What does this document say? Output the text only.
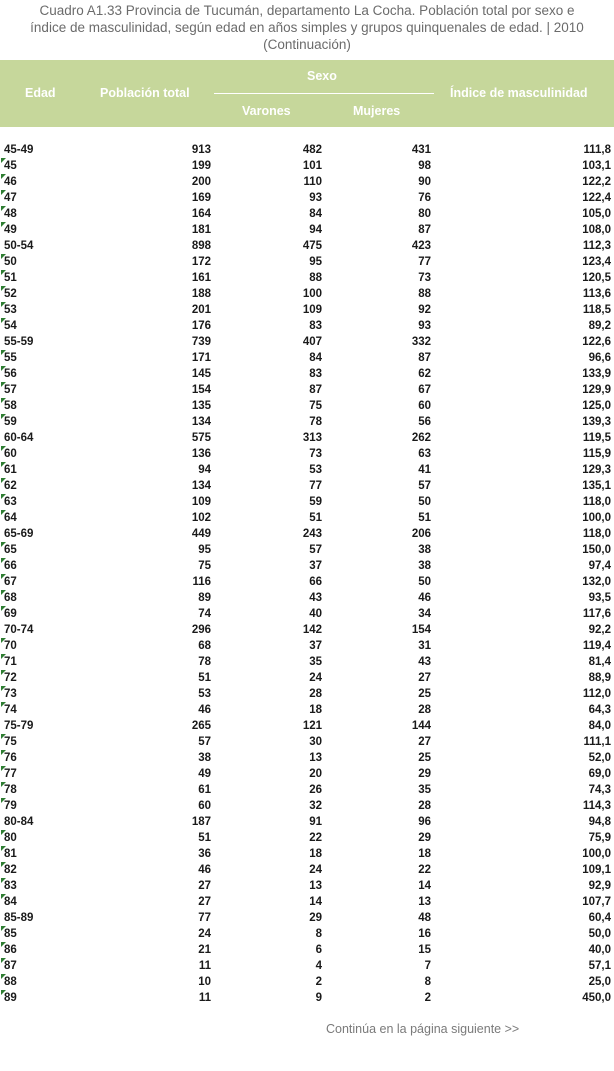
Cuadro A1.33 Provincia de Tucumán, departamento La Cocha. Población total por sexo e
índice de masculinidad, según edad en años simples y grupos quinquenales de edad. | 2010
(Continuación)
Edad	Población total
Sexo
Varones	Mujeres
Índice de masculinidad
45-49	913	482	431	111,8
45	199	101	98	103,1
46	200	110	90	122,2
47	169	93	76	122,4
48	164	84	80	105,0
49	181	94	87	108,0
50-54	898	475	423	112,3
50	172	95	77	123,4
51	161	88	73	120,5
52	188	100	88	113,6
53	201	109	92	118,5
54	176	83	93	89,2
55-59	739	407	332	122,6
55	171	84	87	96,6
56	145	83	62	133,9
57	154	87	67	129,9
58	135	75	60	125,0
59	134	78	56	139,3
60-64	575	313	262	119,5
60	136	73	63	115,9
61	94	53	41	129,3
62	134	77	57	135,1
63	109	59	50	118,0
64	102	51	51	100,0
65-69	449	243	206	118,0
65	95	57	38	150,0
66	75	37	38	97,4
67	116	66	50	132,0
68	89	43	46	93,5
69	74	40	34	117,6
70-74	296	142	154	92,2
70	68	37	31	119,4
71	78	35	43	81,4
72	51	24	27	88,9
73	53	28	25	112,0
74	46	18	28	64,3
75-79	265	121	144	84,0
75	57	30	27	111,1
76	38	13	25	52,0
77	49	20	29	69,0
78	61	26	35	74,3
79	60	32	28	114,3
80-84	187	91	96	94,8
80	51	22	29	75,9
81	36	18	18	100,0
82	46	24	22	109,1
83	27	13	14	92,9
84	27	14	13	107,7
85-89	77	29	48	60,4
85	24	8	16	50,0
86	21	6	15	40,0
87	11	4	7	57,1
88	10	2	8	25,0
89	11	9	2	450,0
Continúa en la página siguiente >>
